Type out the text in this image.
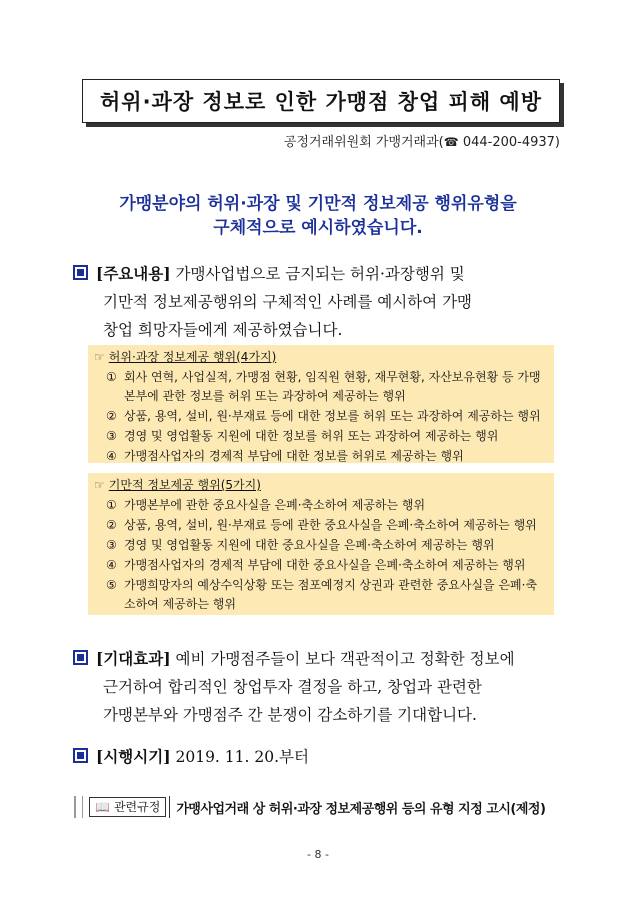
허위·과장 정보로 인한 가맹점 창업 피해 예방
공정거래위원회 가맹거래과(☎ 044-200-4937)
가맹분야의 허위·과장 및 기만적 정보제공 행위유형을
구체적으로 예시하였습니다.
[주요내용] 가맹사업법으로 금지되는 허위·과장행위 및
기만적 정보제공행위의 구체적인 사례를 예시하여 가맹
창업 희망자들에게 제공하였습니다.
☞ 허위·과장 정보제공 행위(4가지)
① 회사 연혁, 사업실적, 가맹점 현황, 임직원 현황, 재무현황, 자산보유현황 등 가맹본부에 관한 정보를 허위 또는 과장하여 제공하는 행위
② 상품, 용역, 설비, 원·부재료 등에 대한 정보를 허위 또는 과장하여 제공하는 행위
③ 경영 및 영업활동 지원에 대한 정보를 허위 또는 과장하여 제공하는 행위
④ 가맹점사업자의 경제적 부담에 대한 정보를 허위로 제공하는 행위
☞ 기만적 정보제공 행위(5가지)
① 가맹본부에 관한 중요사실을 은폐·축소하여 제공하는 행위
② 상품, 용역, 설비, 원·부재료 등에 관한 중요사실을 은폐·축소하여 제공하는 행위
③ 경영 및 영업활동 지원에 대한 중요사실을 은폐·축소하여 제공하는 행위
④ 가맹점사업자의 경제적 부담에 대한 중요사실을 은폐·축소하여 제공하는 행위
⑤ 가맹희망자의 예상수익상황 또는 점포예정지 상권과 관련한 중요사실을 은폐·축소하여 제공하는 행위
[기대효과] 예비 가맹점주들이 보다 객관적이고 정확한 정보에
근거하여 합리적인 창업투자 결정을 하고, 창업과 관련한
가맹본부와 가맹점주 간 분쟁이 감소하기를 기대합니다.
[시행시기] 2019. 11. 20.부터
📖 관련규정 가맹사업거래 상 허위·과장 정보제공행위 등의 유형 지정 고시(제정)
- 8 -
